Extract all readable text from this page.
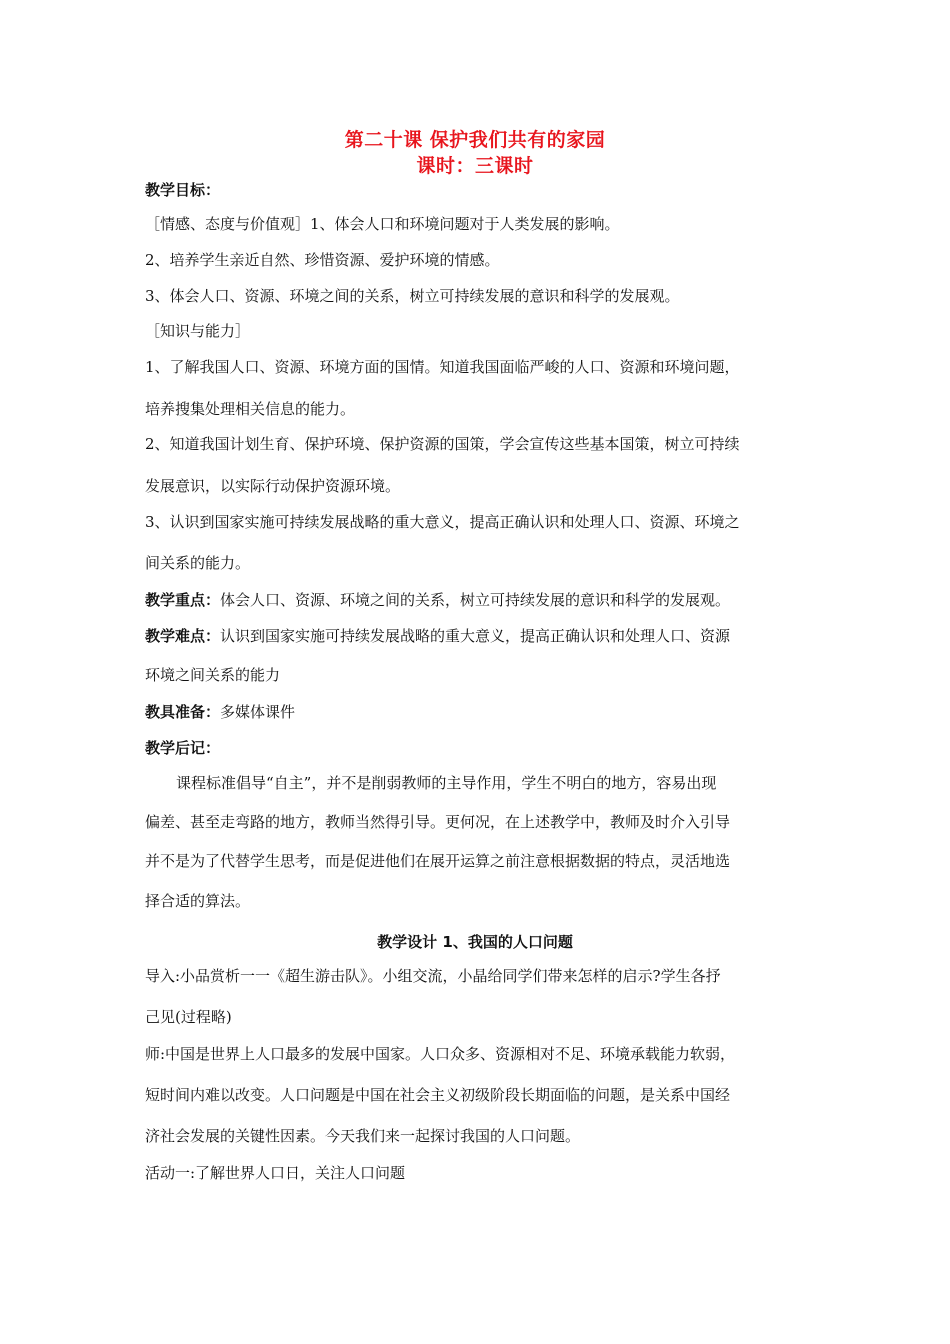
第二十课 保护我们共有的家园
课时：三课时
教学目标：
［情感、态度与价值观］1、体会人口和环境问题对于人类发展的影响。
2、培养学生亲近自然、珍惜资源、爱护环境的情感。
3、体会人口、资源、环境之间的关系，树立可持续发展的意识和科学的发展观。
［知识与能力］
1、了解我国人口、资源、环境方面的国情。知道我国面临严峻的人口、资源和环境问题，
培养搜集处理相关信息的能力。
2、知道我国计划生育、保护环境、保护资源的国策，学会宣传这些基本国策，树立可持续
发展意识，以实际行动保护资源环境。
3、认识到国家实施可持续发展战略的重大意义，提高正确认识和处理人口、资源、环境之
间关系的能力。
教学重点：体会人口、资源、环境之间的关系，树立可持续发展的意识和科学的发展观。
教学难点：认识到国家实施可持续发展战略的重大意义，提高正确认识和处理人口、资源
环境之间关系的能力
教具准备：多媒体课件
教学后记：
课程标准倡导“自主”，并不是削弱教师的主导作用，学生不明白的地方，容易出现
偏差、甚至走弯路的地方，教师当然得引导。更何况，在上述教学中，教师及时介入引导
并不是为了代替学生思考，而是促进他们在展开运算之前注意根据数据的特点，灵活地选
择合适的算法。
教学设计 1、我国的人口问题
导入:小品赏析一一《超生游击队》。小组交流，小晶给同学们带来怎样的启示?学生各抒
己见(过程略)
师:中国是世界上人口最多的发展中国家。人口众多、资源相对不足、环境承载能力软弱，
短时间内难以改变。人口问题是中国在社会主义初级阶段长期面临的问题，是关系中国经
济社会发展的关键性因素。今天我们来一起探讨我国的人口问题。
活动一:了解世界人口日，关注人口问题
